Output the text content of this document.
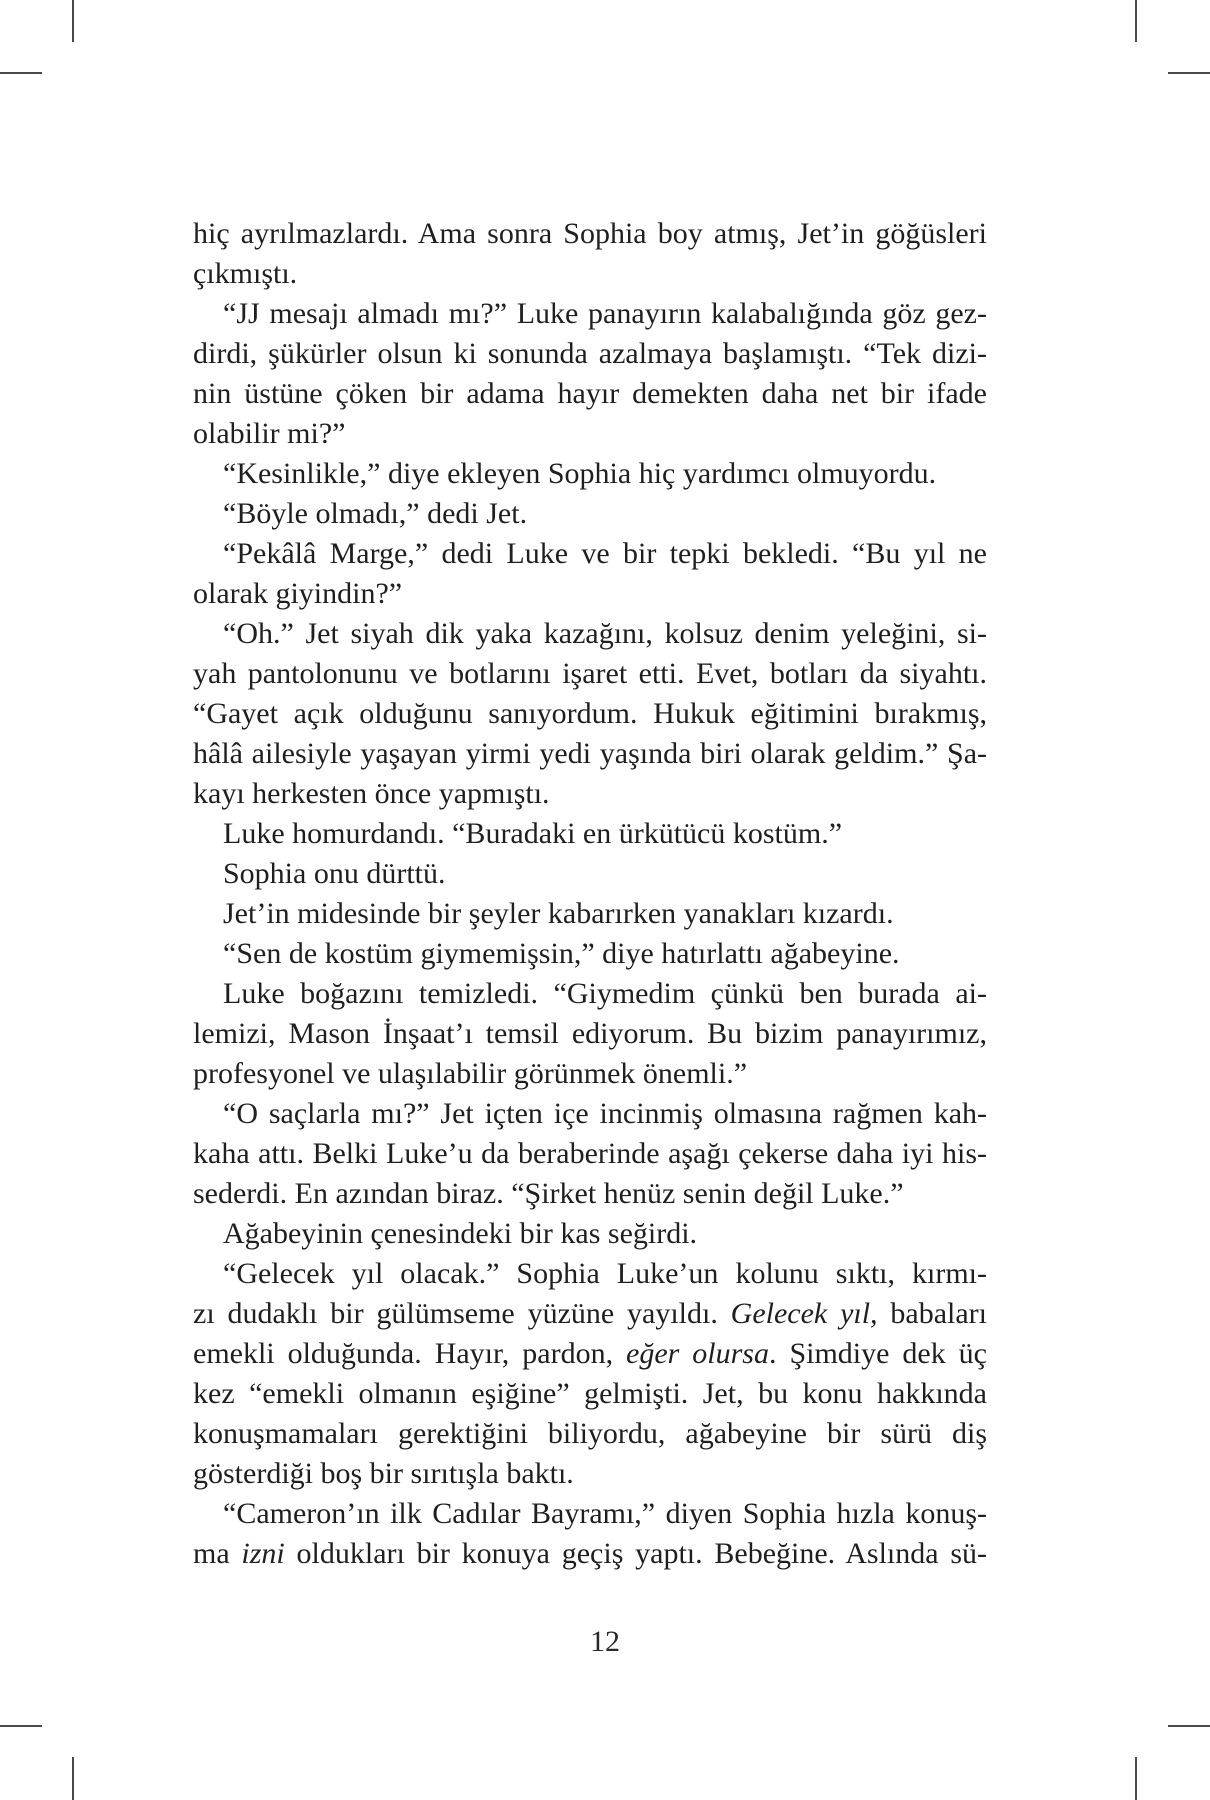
hiç ayrılmazlardı. Ama sonra Sophia boy atmış, Jet’in göğüsleri
çıkmıştı.
“JJ mesajı almadı mı?” Luke panayırın kalabalığında göz gez-
dirdi, şükürler olsun ki sonunda azalmaya başlamıştı. “Tek dizi-
nin üstüne çöken bir adama hayır demekten daha net bir ifade
olabilir mi?”
“Kesinlikle,” diye ekleyen Sophia hiç yardımcı olmuyordu.
“Böyle olmadı,” dedi Jet.
“Pekâlâ Marge,” dedi Luke ve bir tepki bekledi. “Bu yıl ne
olarak giyindin?”
“Oh.” Jet siyah dik yaka kazağını, kolsuz denim yeleğini, si-
yah pantolonunu ve botlarını işaret etti. Evet, botları da siyahtı.
“Gayet açık olduğunu sanıyordum. Hukuk eğitimini bırakmış,
hâlâ ailesiyle yaşayan yirmi yedi yaşında biri olarak geldim.” Şa-
kayı herkesten önce yapmıştı.
Luke homurdandı. “Buradaki en ürkütücü kostüm.”
Sophia onu dürttü.
Jet’in midesinde bir şeyler kabarırken yanakları kızardı.
“Sen de kostüm giymemişsin,” diye hatırlattı ağabeyine.
Luke boğazını temizledi. “Giymedim çünkü ben burada ai-
lemizi, Mason İnşaat’ı temsil ediyorum. Bu bizim panayırımız,
profesyonel ve ulaşılabilir görünmek önemli.”
“O saçlarla mı?” Jet içten içe incinmiş olmasına rağmen kah-
kaha attı. Belki Luke’u da beraberinde aşağı çekerse daha iyi his-
sederdi. En azından biraz. “Şirket henüz senin değil Luke.”
Ağabeyinin çenesindeki bir kas seğirdi.
“Gelecek yıl olacak.” Sophia Luke’un kolunu sıktı, kırmı-
zı dudaklı bir gülümseme yüzüne yayıldı. Gelecek yıl, babaları
emekli olduğunda. Hayır, pardon, eğer olursa. Şimdiye dek üç
kez “emekli olmanın eşiğine” gelmişti. Jet, bu konu hakkında
konuşmamaları gerektiğini biliyordu, ağabeyine bir sürü diş
gösterdiği boş bir sırıtışla baktı.
“Cameron’ın ilk Cadılar Bayramı,” diyen Sophia hızla konuş-
ma izni oldukları bir konuya geçiş yaptı. Bebeğine. Aslında sü-
12
